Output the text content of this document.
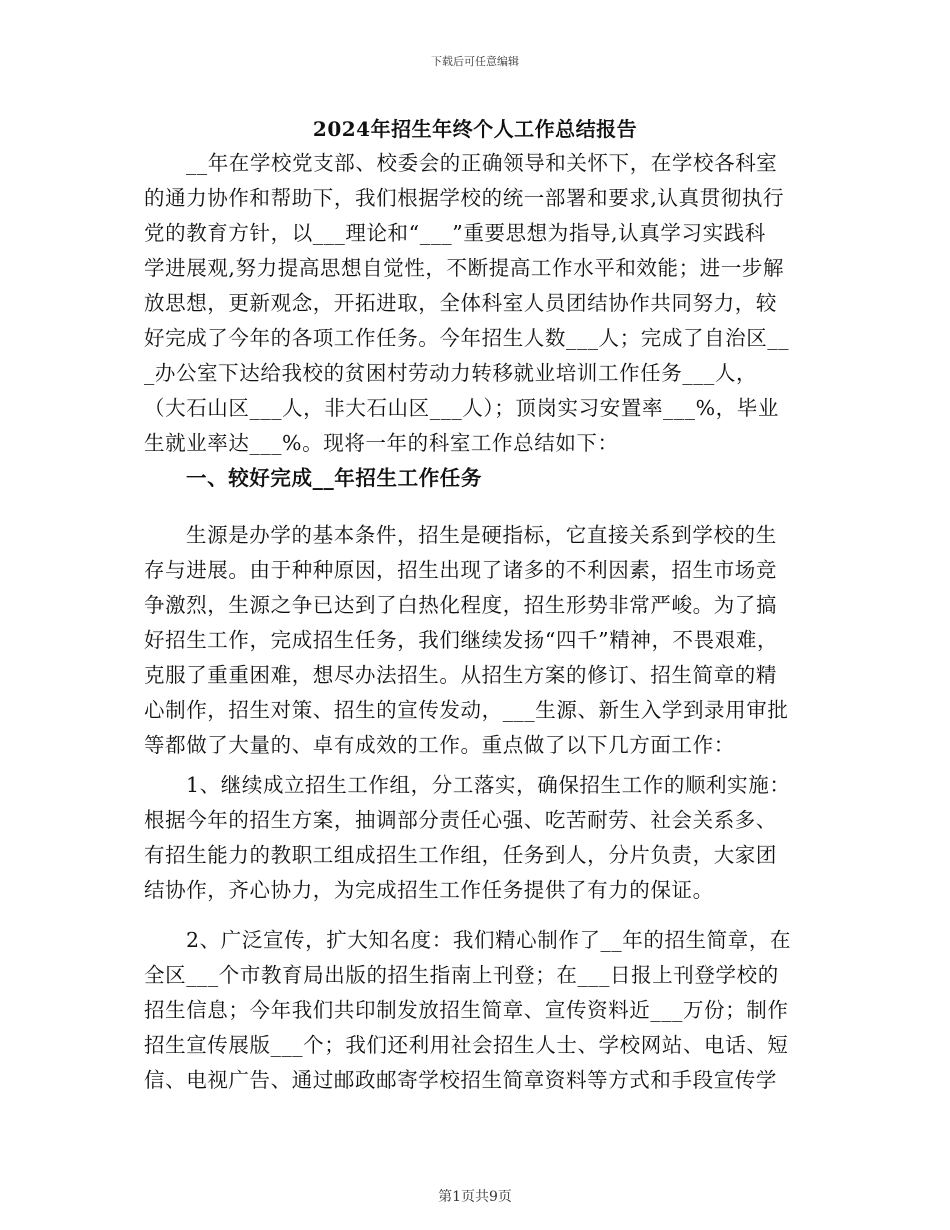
下载后可任意编辑
2024年招生年终个人工作总结报告
__年在学校党支部、校委会的正确领导和关怀下，在学校各科室
的通力协作和帮助下，我们根据学校的统一部署和要求,认真贯彻执行
党的教育方针，以___理论和“___”重要思想为指导,认真学习实践科
学进展观,努力提高思想自觉性，不断提高工作水平和效能；进一步解
放思想，更新观念，开拓进取，全体科室人员团结协作共同努力，较
好完成了今年的各项工作任务。今年招生人数___人；完成了自治区__
_办公室下达给我校的贫困村劳动力转移就业培训工作任务___人，
（大石山区___人，非大石山区___人）；顶岗实习安置率___%，毕业
生就业率达___%。现将一年的科室工作总结如下：
一、较好完成__年招生工作任务
生源是办学的基本条件，招生是硬指标，它直接关系到学校的生
存与进展。由于种种原因，招生出现了诸多的不利因素，招生市场竞
争激烈，生源之争已达到了白热化程度，招生形势非常严峻。为了搞
好招生工作，完成招生任务，我们继续发扬“四千”精神，不畏艰难，
克服了重重困难，想尽办法招生。从招生方案的修订、招生简章的精
心制作，招生对策、招生的宣传发动，___生源、新生入学到录用审批
等都做了大量的、卓有成效的工作。重点做了以下几方面工作：
1、继续成立招生工作组，分工落实，确保招生工作的顺利实施：
根据今年的招生方案，抽调部分责任心强、吃苦耐劳、社会关系多、
有招生能力的教职工组成招生工作组，任务到人，分片负责，大家团
结协作，齐心协力，为完成招生工作任务提供了有力的保证。
2、广泛宣传，扩大知名度：我们精心制作了__年的招生简章，在
全区___个市教育局出版的招生指南上刊登；在___日报上刊登学校的
招生信息；今年我们共印制发放招生简章、宣传资料近___万份；制作
招生宣传展版___个；我们还利用社会招生人士、学校网站、电话、短
信、电视广告、通过邮政邮寄学校招生简章资料等方式和手段宣传学
第1页共9页
